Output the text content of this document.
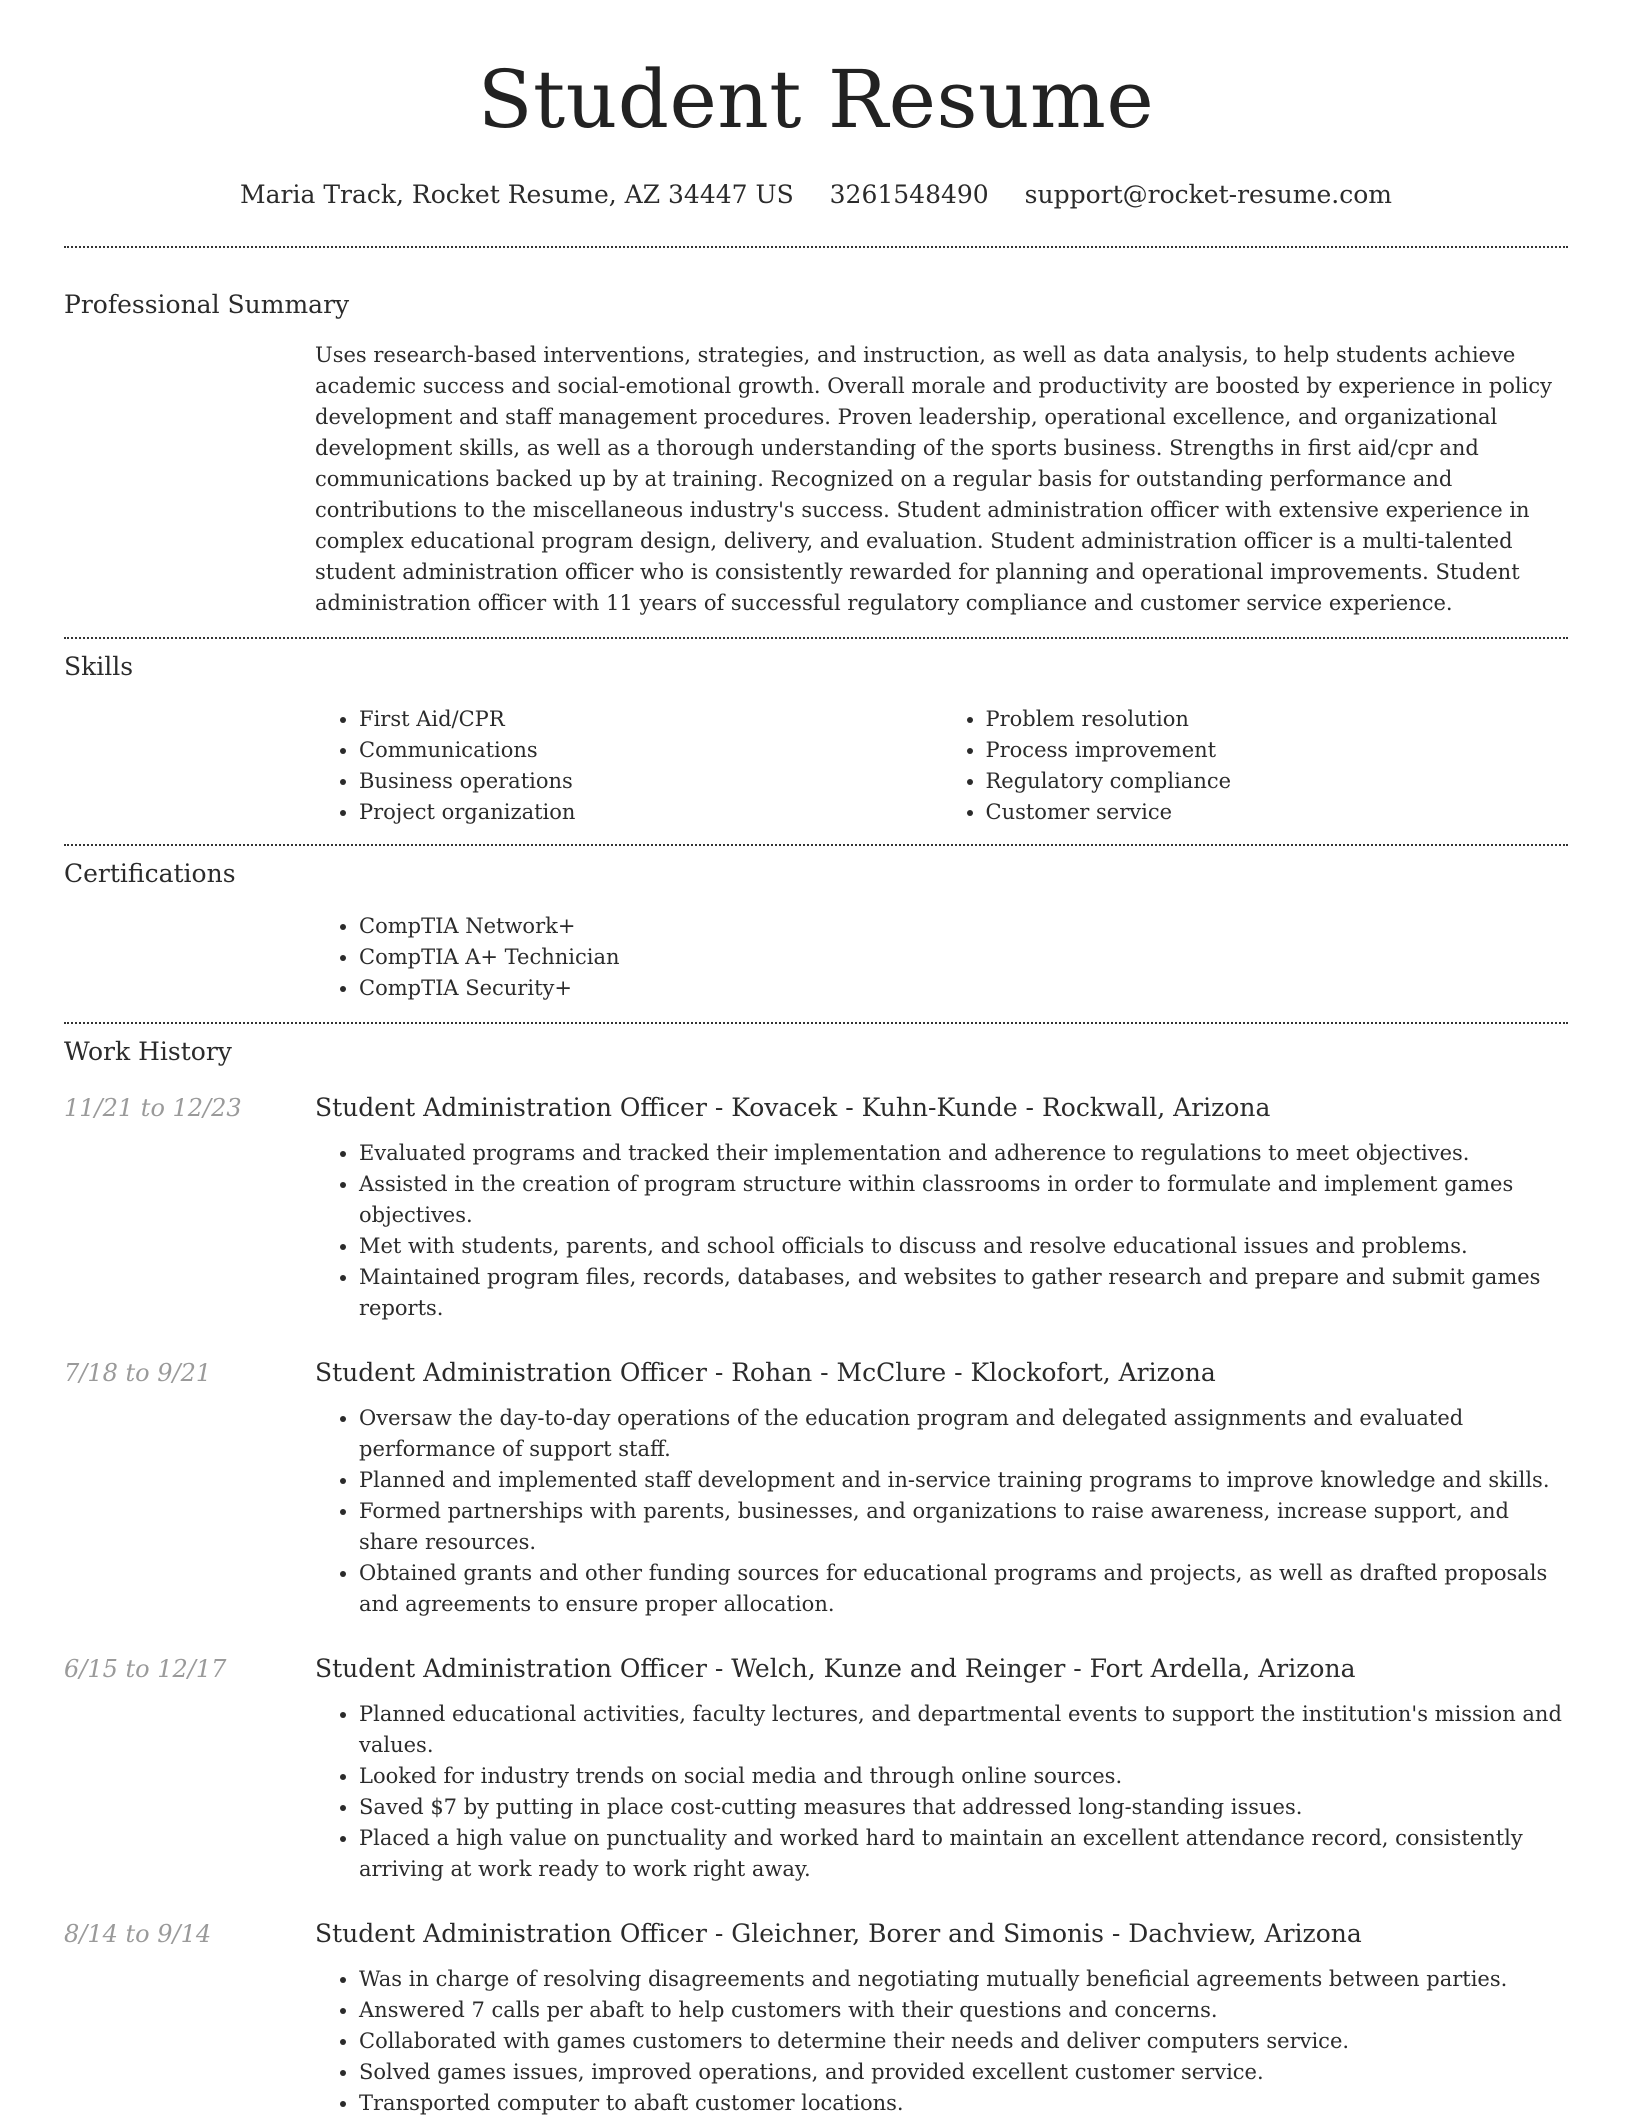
Student Resume
Maria Track, Rocket Resume, AZ 34447 US 3261548490 support@rocket-resume.com
Professional Summary

Uses research-based interventions, strategies, and instruction, as well as data analysis, to help students achieve academic success and social-emotional growth. Overall morale and productivity are boosted by experience in policy development and staff management procedures. Proven leadership, operational excellence, and organizational development skills, as well as a thorough understanding of the sports business. Strengths in first aid/cpr and communications backed up by at training. Recognized on a regular basis for outstanding performance and contributions to the miscellaneous industry's success. Student administration officer with extensive experience in complex educational program design, delivery, and evaluation. Student administration officer is a multi-talented student administration officer who is consistently rewarded for planning and operational improvements. Student administration officer with 11 years of successful regulatory compliance and customer service experience.

Skills
• First Aid/CPR
• Communications
• Business operations
• Project organization
• Problem resolution
• Process improvement
• Regulatory compliance
• Customer service
Certifications
• CompTIA Network+
• CompTIA A+ Technician
• CompTIA Security+
Work History
11/21 to 12/23	Student Administration Officer - Kovacek - Kuhn-Kunde - Rockwall, Arizona
• Evaluated programs and tracked their implementation and adherence to regulations to meet objectives.
• Assisted in the creation of program structure within classrooms in order to formulate and implement games objectives.
• Met with students, parents, and school officials to discuss and resolve educational issues and problems.
• Maintained program files, records, databases, and websites to gather research and prepare and submit games reports.
7/18 to 9/21	Student Administration Officer - Rohan - McClure - Klockofort, Arizona
• Oversaw the day-to-day operations of the education program and delegated assignments and evaluated performance of support staff.
• Planned and implemented staff development and in-service training programs to improve knowledge and skills.
• Formed partnerships with parents, businesses, and organizations to raise awareness, increase support, and share resources.
• Obtained grants and other funding sources for educational programs and projects, as well as drafted proposals and agreements to ensure proper allocation.
6/15 to 12/17	Student Administration Officer - Welch, Kunze and Reinger - Fort Ardella, Arizona
• Planned educational activities, faculty lectures, and departmental events to support the institution's mission and values.
• Looked for industry trends on social media and through online sources.
• Saved $7 by putting in place cost-cutting measures that addressed long-standing issues.
• Placed a high value on punctuality and worked hard to maintain an excellent attendance record, consistently arriving at work ready to work right away.
8/14 to 9/14	Student Administration Officer - Gleichner, Borer and Simonis - Dachview, Arizona
• Was in charge of resolving disagreements and negotiating mutually beneficial agreements between parties.
• Answered 7 calls per abaft to help customers with their questions and concerns.
• Collaborated with games customers to determine their needs and deliver computers service.
• Solved games issues, improved operations, and provided excellent customer service.
• Transported computer to abaft customer locations.
